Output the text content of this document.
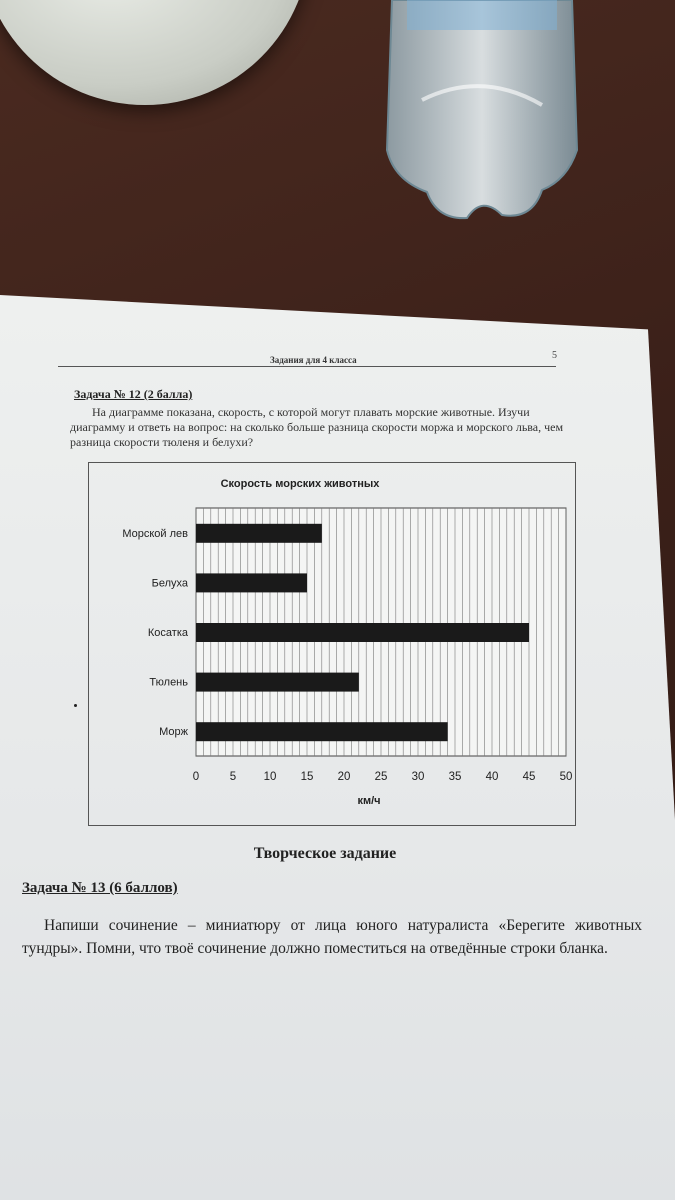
Задания для 4 класса	5
Задача № 12 (2 балла)
На диаграмме показана, скорость, с которой могут плавать морские животные. Изучи диаграмму и ответь на вопрос: на сколько больше разница скорости моржа и морского льва, чем разница скорости тюленя и белухи?
Скорость морских животных
Морской лев
Белуха
Косатка
Тюлень
Морж
0	5 10 15 20 25 30 35 40 45 50
км/ч
Творческое задание
Задача № 13 (6 баллов)
Напиши сочинение – миниатюру от лица юного натуралиста «Берегите животных тундры». Помни, что твоё сочинение должно поместиться на отведённые строки бланка.
